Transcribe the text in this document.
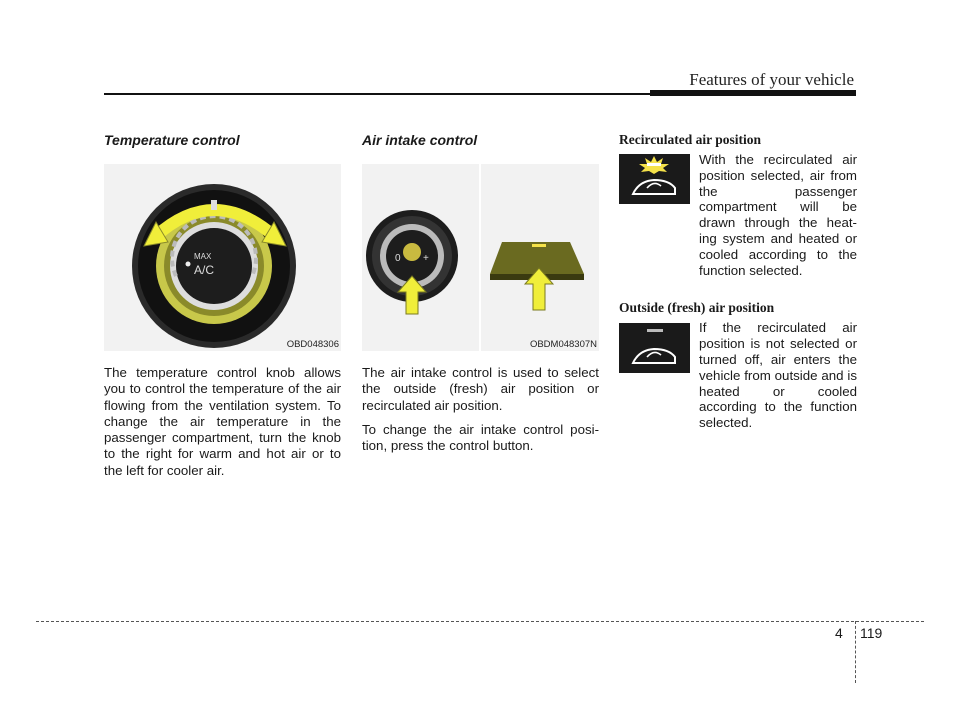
Features of your vehicle
Temperature control
MAX
A/C
OBD048306

The temperature control knob allows you to control the temperature of the air flowing from the ventilation system. To change the air temperature in the passenger compartment, turn the knob to the right for warm and hot air or to the left for cooler air.

Air intake control
0 +
OBDM048307N

The air intake control is used to select the outside (fresh) air position or recirculated air position.

To change the air intake control posi-tion, press the control button.

Recirculated air position

With the recirculated air position selected, air from the passenger compartment will be drawn through the heat-ing system and heated or cooled according to the function selected.

Outside (fresh) air position

If the recirculated air position is not selected or turned off, air enters the vehicle from outside and is heated or cooled according to the function selected.

4 119
